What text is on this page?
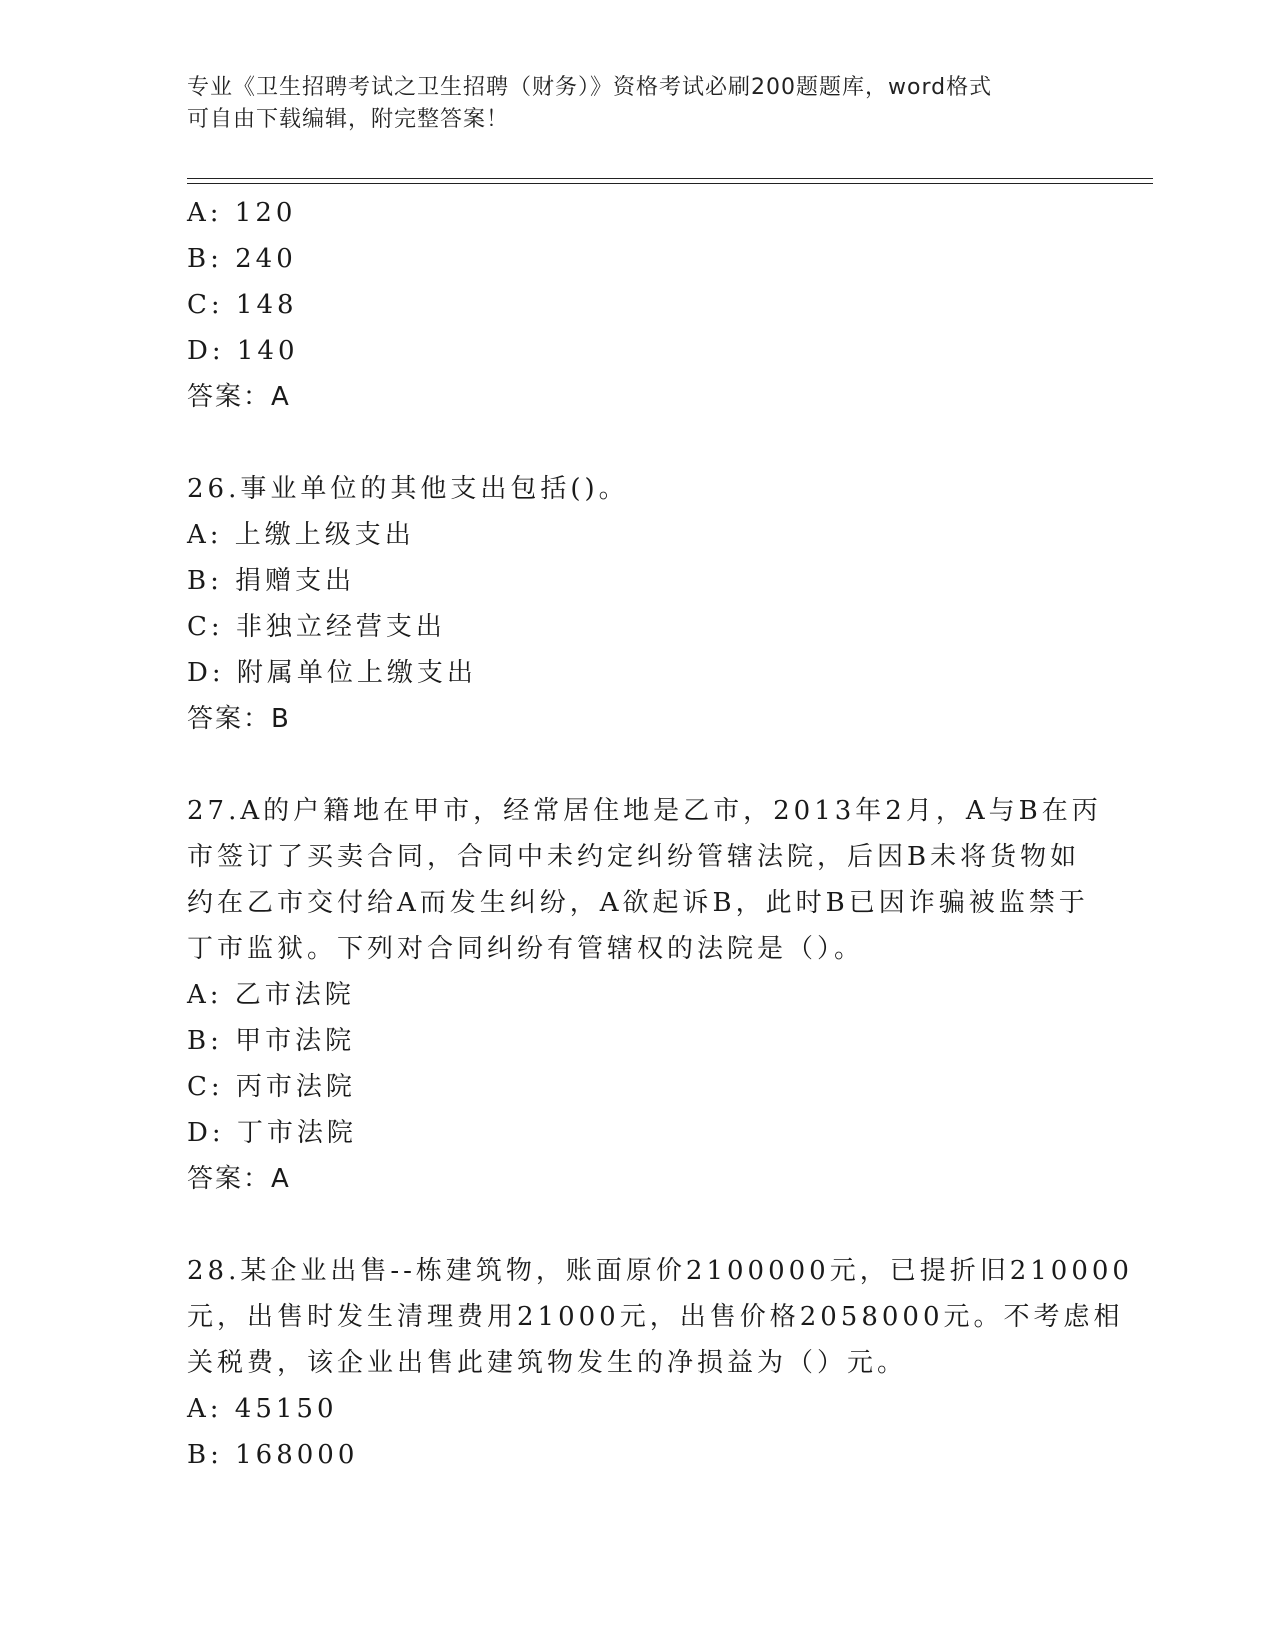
专业《卫生招聘考试之卫生招聘（财务）》资格考试必刷200题题库，word格式
可自由下载编辑，附完整答案！
A: 120
B: 240
C: 148
D: 140
答案：A
26.事业单位的其他支出包括()。
A: 上缴上级支出
B: 捐赠支出
C: 非独立经营支出
D: 附属单位上缴支出
答案：B
27.A的户籍地在甲市，经常居住地是乙市，2013年2月，A与B在丙
市签订了买卖合同，合同中未约定纠纷管辖法院，后因B未将货物如
约在乙市交付给A而发生纠纷，A欲起诉B，此时B已因诈骗被监禁于
丁市监狱。下列对合同纠纷有管辖权的法院是（）。
A: 乙市法院
B: 甲市法院
C: 丙市法院
D: 丁市法院
答案：A
28.某企业出售--栋建筑物，账面原价2100000元，已提折旧210000
元，出售时发生清理费用21000元，出售价格2058000元。不考虑相
关税费，该企业出售此建筑物发生的净损益为（）元。
A: 45150
B: 168000
